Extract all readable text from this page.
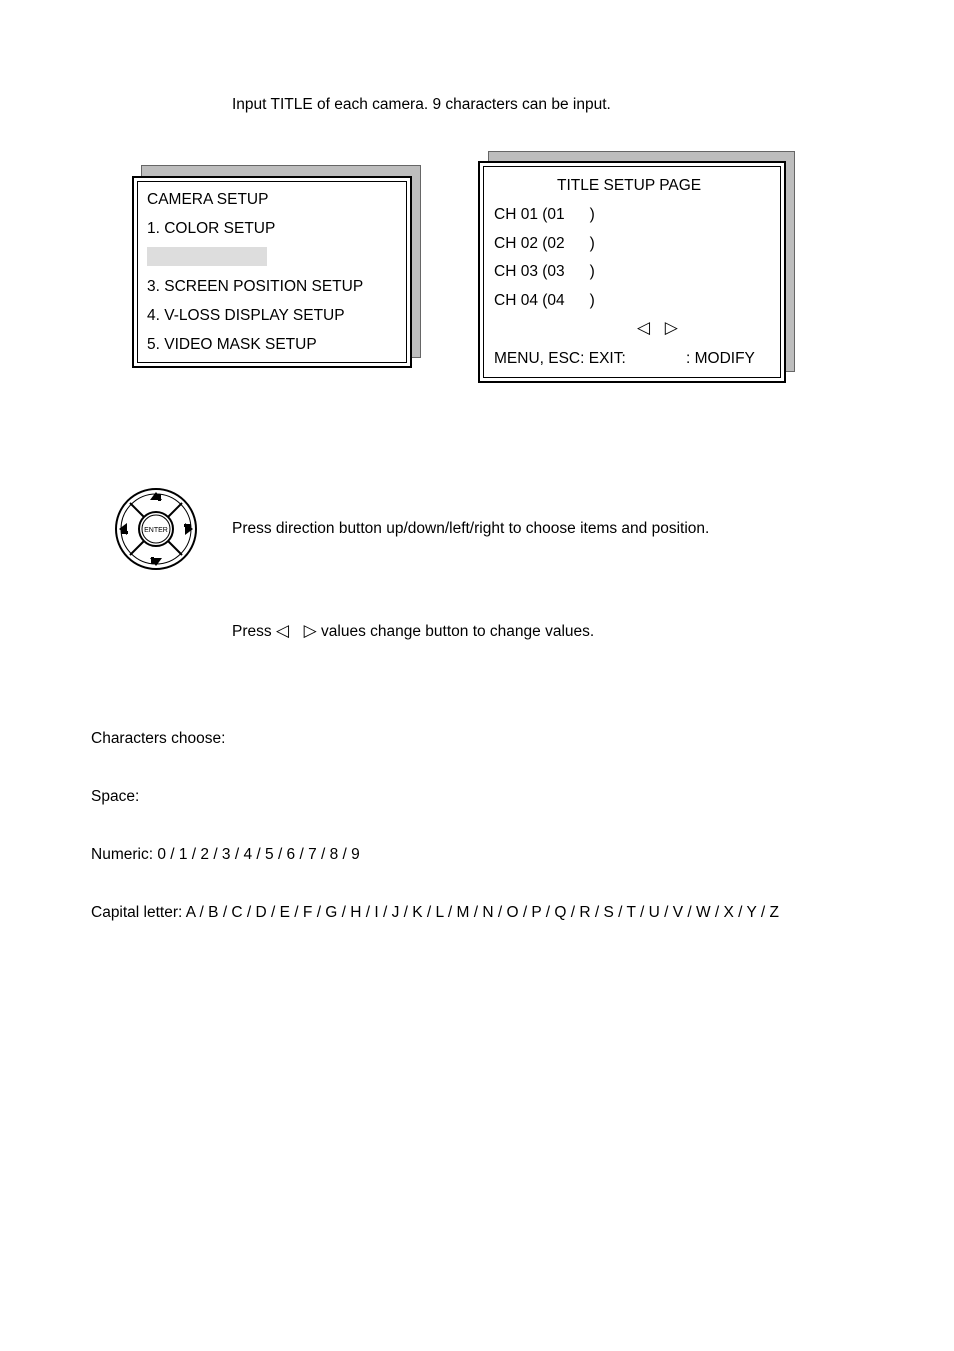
Input TITLE of each camera. 9 characters can be input.
CAMERA SETUP
1. COLOR SETUP
3. SCREEN POSITION SETUP
4. V-LOSS DISPLAY SETUP
5. VIDEO MASK SETUP
TITLE SETUP PAGE
CH 01 (01 )
CH 02 (02 )
CH 03 (03 )
CH 04 (04 )
◁ ▷
MENU, ESC: EXIT:	: MODIFY
ENTER	Press direction button up/down/left/right to choose items and position.
Press ◁ ▷ values change button to change values.
Characters choose:
Space:
Numeric: 0 / 1 / 2 / 3 / 4 / 5 / 6 / 7 / 8 / 9
Capital letter: A / B / C / D / E / F / G / H / I / J / K / L / M / N / O / P / Q / R / S / T / U / V / W / X / Y / Z
